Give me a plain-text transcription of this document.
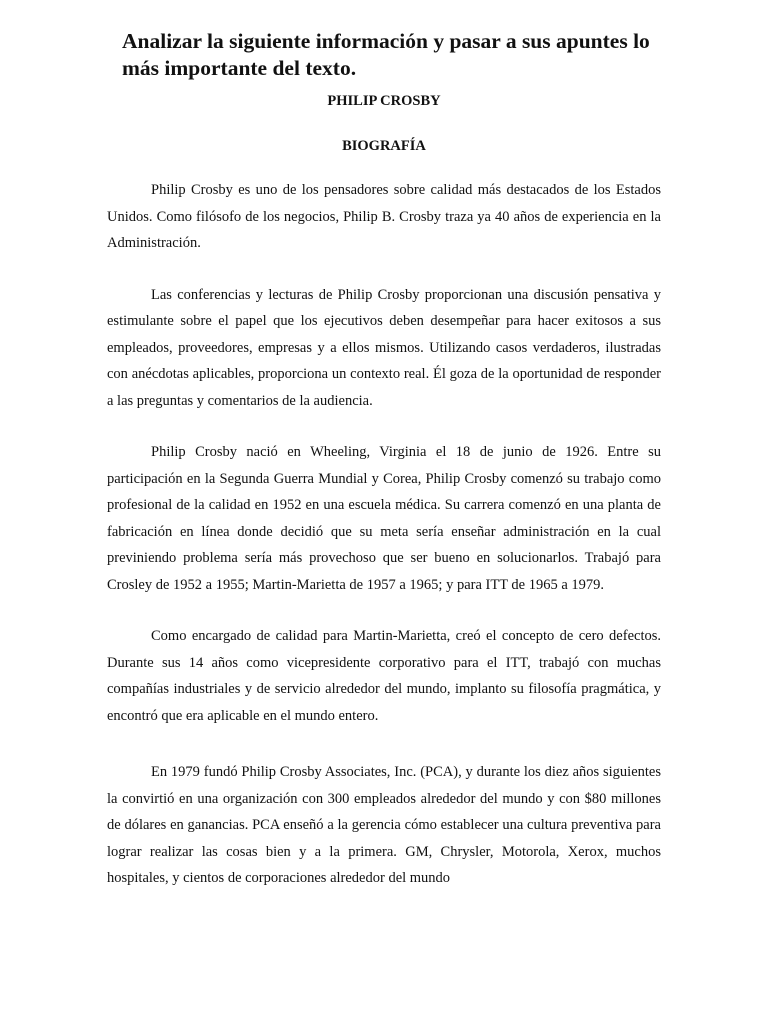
Analizar la siguiente información y pasar a sus apuntes lo más importante del texto.
PHILIP CROSBY
BIOGRAFÍA

Philip Crosby es uno de los pensadores sobre calidad más destacados de los Estados Unidos. Como filósofo de los negocios, Philip B. Crosby traza ya 40 años de experiencia en la Administración.

Las conferencias y lecturas de Philip Crosby proporcionan una discusión pensativa y estimulante sobre el papel que los ejecutivos deben desempeñar para hacer exitosos a sus empleados, proveedores, empresas y a ellos mismos. Utilizando casos verdaderos, ilustradas con anécdotas aplicables, proporciona un contexto real. Él goza de la oportunidad de responder a las preguntas y comentarios de la audiencia.

Philip Crosby nació en Wheeling, Virginia el 18 de junio de 1926. Entre su participación en la Segunda Guerra Mundial y Corea, Philip Crosby comenzó su trabajo como profesional de la calidad en 1952 en una escuela médica. Su carrera comenzó en una planta de fabricación en línea donde decidió que su meta sería enseñar administración en la cual previniendo problema sería más provechoso que ser bueno en solucionarlos. Trabajó para Crosley de 1952 a 1955; Martin-Marietta de 1957 a 1965; y para ITT de 1965 a 1979.

Como encargado de calidad para Martin-Marietta, creó el concepto de cero defectos. Durante sus 14 años como vicepresidente corporativo para el ITT, trabajó con muchas compañías industriales y de servicio alrededor del mundo, implanto su filosofía pragmática, y encontró que era aplicable en el mundo entero.

En 1979 fundó Philip Crosby Associates, Inc. (PCA), y durante los diez años siguientes la convirtió en una organización con 300 empleados alrededor del mundo y con $80 millones de dólares en ganancias. PCA enseñó a la gerencia cómo establecer una cultura preventiva para lograr realizar las cosas bien y a la primera. GM, Chrysler, Motorola, Xerox, muchos hospitales, y cientos de corporaciones alrededor del mundo
